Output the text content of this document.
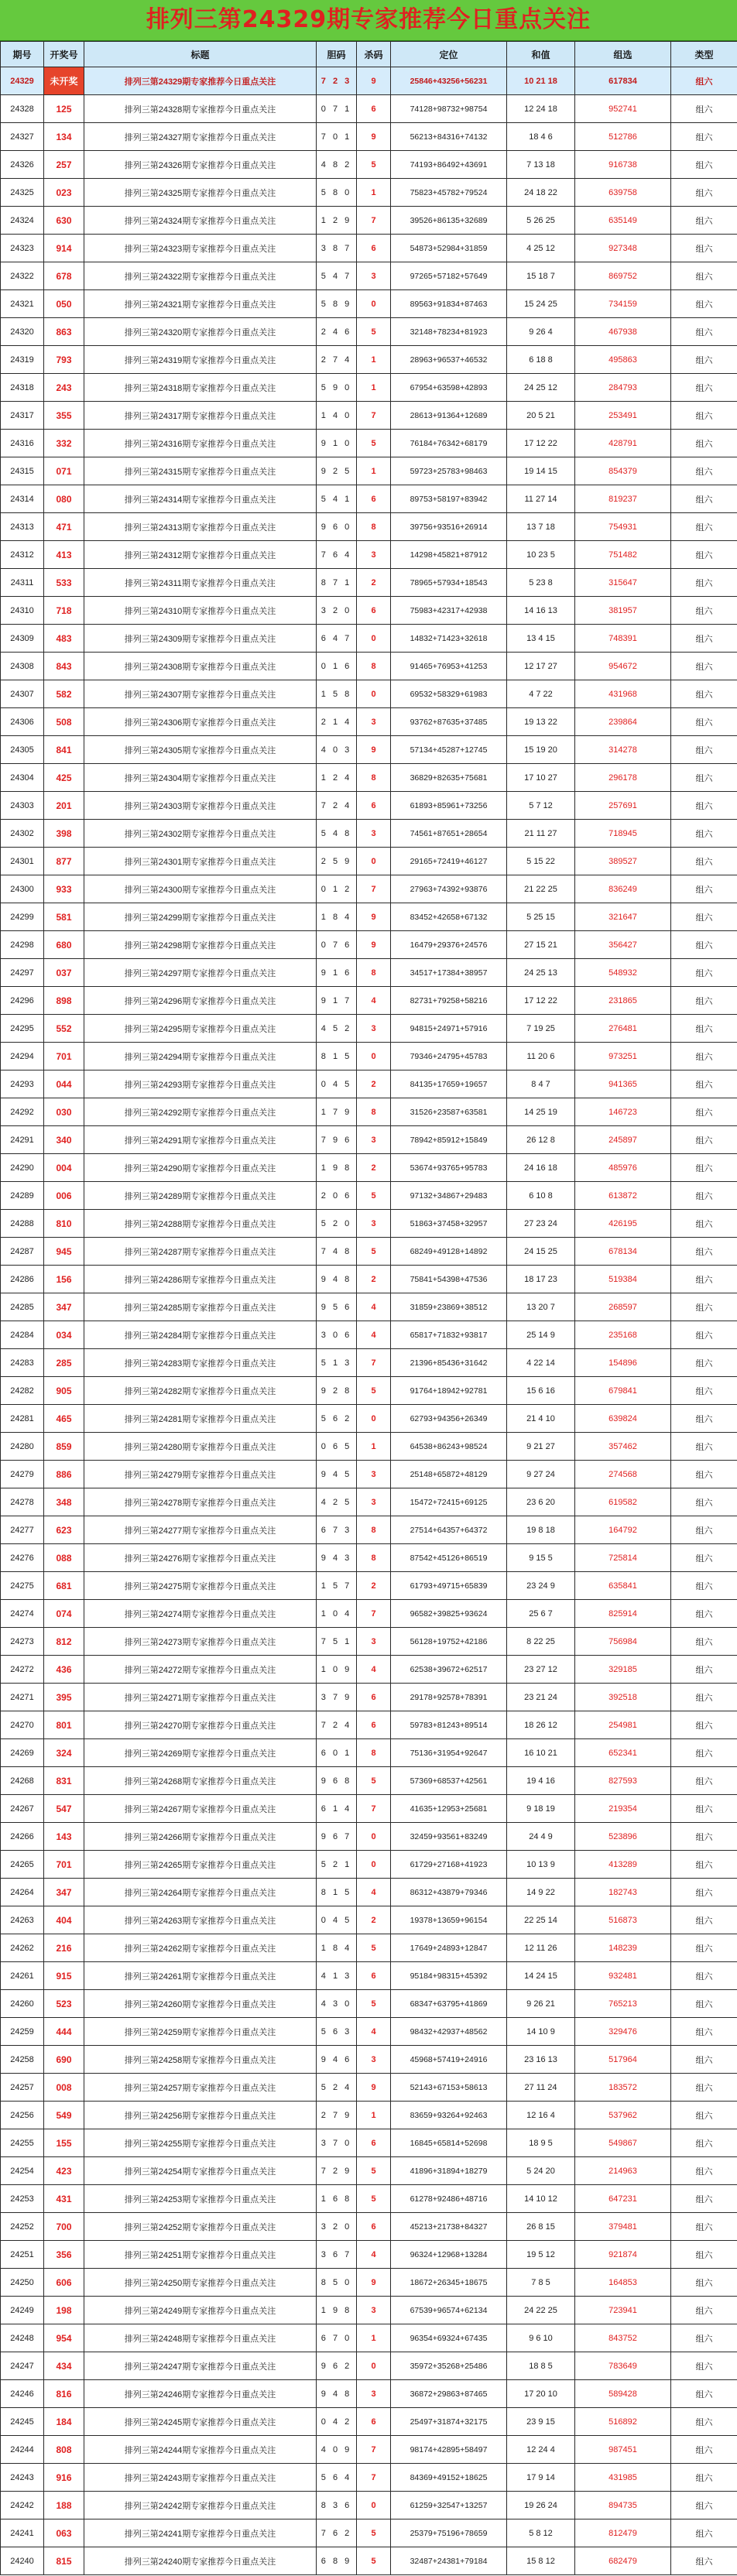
排列三第24329期专家推荐今日重点关注
期号	开奖号	标题	胆码	杀码	定位	和值	组选	类型
24329	未开奖	排列三第24329期专家推荐今日重点关注	7 2 3	9	25846+43256+56231	10 21 18	617834	组六
24328	125	排列三第24328期专家推荐今日重点关注	0 7 1	6	74128+98732+98754	12 24 18	952741	组六
24327	134	排列三第24327期专家推荐今日重点关注	7 0 1	9	56213+84316+74132	18 4 6	512786	组六
24326	257	排列三第24326期专家推荐今日重点关注	4 8 2	5	74193+86492+43691	7 13 18	916738	组六
24325	023	排列三第24325期专家推荐今日重点关注	5 8 0	1	75823+45782+79524	24 18 22	639758	组六
24324	630	排列三第24324期专家推荐今日重点关注	1 2 9	7	39526+86135+32689	5 26 25	635149	组六
24323	914	排列三第24323期专家推荐今日重点关注	3 8 7	6	54873+52984+31859	4 25 12	927348	组六
24322	678	排列三第24322期专家推荐今日重点关注	5 4 7	3	97265+57182+57649	15 18 7	869752	组六
24321	050	排列三第24321期专家推荐今日重点关注	5 8 9	0	89563+91834+87463	15 24 25	734159	组六
24320	863	排列三第24320期专家推荐今日重点关注	2 4 6	5	32148+78234+81923	9 26 4	467938	组六
24319	793	排列三第24319期专家推荐今日重点关注	2 7 4	1	28963+96537+46532	6 18 8	495863	组六
24318	243	排列三第24318期专家推荐今日重点关注	5 9 0	1	67954+63598+42893	24 25 12	284793	组六
24317	355	排列三第24317期专家推荐今日重点关注	1 4 0	7	28613+91364+12689	20 5 21	253491	组六
24316	332	排列三第24316期专家推荐今日重点关注	9 1 0	5	76184+76342+68179	17 12 22	428791	组六
24315	071	排列三第24315期专家推荐今日重点关注	9 2 5	1	59723+25783+98463	19 14 15	854379	组六
24314	080	排列三第24314期专家推荐今日重点关注	5 4 1	6	89753+58197+83942	11 27 14	819237	组六
24313	471	排列三第24313期专家推荐今日重点关注	9 6 0	8	39756+93516+26914	13 7 18	754931	组六
24312	413	排列三第24312期专家推荐今日重点关注	7 6 4	3	14298+45821+87912	10 23 5	751482	组六
24311	533	排列三第24311期专家推荐今日重点关注	8 7 1	2	78965+57934+18543	5 23 8	315647	组六
24310	718	排列三第24310期专家推荐今日重点关注	3 2 0	6	75983+42317+42938	14 16 13	381957	组六
24309	483	排列三第24309期专家推荐今日重点关注	6 4 7	0	14832+71423+32618	13 4 15	748391	组六
24308	843	排列三第24308期专家推荐今日重点关注	0 1 6	8	91465+76953+41253	12 17 27	954672	组六
24307	582	排列三第24307期专家推荐今日重点关注	1 5 8	0	69532+58329+61983	4 7 22	431968	组六
24306	508	排列三第24306期专家推荐今日重点关注	2 1 4	3	93762+87635+37485	19 13 22	239864	组六
24305	841	排列三第24305期专家推荐今日重点关注	4 0 3	9	57134+45287+12745	15 19 20	314278	组六
24304	425	排列三第24304期专家推荐今日重点关注	1 2 4	8	36829+82635+75681	17 10 27	296178	组六
24303	201	排列三第24303期专家推荐今日重点关注	7 2 4	6	61893+85961+73256	5 7 12	257691	组六
24302	398	排列三第24302期专家推荐今日重点关注	5 4 8	3	74561+87651+28654	21 11 27	718945	组六
24301	877	排列三第24301期专家推荐今日重点关注	2 5 9	0	29165+72419+46127	5 15 22	389527	组六
24300	933	排列三第24300期专家推荐今日重点关注	0 1 2	7	27963+74392+93876	21 22 25	836249	组六
24299	581	排列三第24299期专家推荐今日重点关注	1 8 4	9	83452+42658+67132	5 25 15	321647	组六
24298	680	排列三第24298期专家推荐今日重点关注	0 7 6	9	16479+29376+24576	27 15 21	356427	组六
24297	037	排列三第24297期专家推荐今日重点关注	9 1 6	8	34517+17384+38957	24 25 13	548932	组六
24296	898	排列三第24296期专家推荐今日重点关注	9 1 7	4	82731+79258+58216	17 12 22	231865	组六
24295	552	排列三第24295期专家推荐今日重点关注	4 5 2	3	94815+24971+57916	7 19 25	276481	组六
24294	701	排列三第24294期专家推荐今日重点关注	8 1 5	0	79346+24795+45783	11 20 6	973251	组六
24293	044	排列三第24293期专家推荐今日重点关注	0 4 5	2	84135+17659+19657	8 4 7	941365	组六
24292	030	排列三第24292期专家推荐今日重点关注	1 7 9	8	31526+23587+63581	14 25 19	146723	组六
24291	340	排列三第24291期专家推荐今日重点关注	7 9 6	3	78942+85912+15849	26 12 8	245897	组六
24290	004	排列三第24290期专家推荐今日重点关注	1 9 8	2	53674+93765+95783	24 16 18	485976	组六
24289	006	排列三第24289期专家推荐今日重点关注	2 0 6	5	97132+34867+29483	6 10 8	613872	组六
24288	810	排列三第24288期专家推荐今日重点关注	5 2 0	3	51863+37458+32957	27 23 24	426195	组六
24287	945	排列三第24287期专家推荐今日重点关注	7 4 8	5	68249+49128+14892	24 15 25	678134	组六
24286	156	排列三第24286期专家推荐今日重点关注	9 4 8	2	75841+54398+47536	18 17 23	519384	组六
24285	347	排列三第24285期专家推荐今日重点关注	9 5 6	4	31859+23869+38512	13 20 7	268597	组六
24284	034	排列三第24284期专家推荐今日重点关注	3 0 6	4	65817+71832+93817	25 14 9	235168	组六
24283	285	排列三第24283期专家推荐今日重点关注	5 1 3	7	21396+85436+31642	4 22 14	154896	组六
24282	905	排列三第24282期专家推荐今日重点关注	9 2 8	5	91764+18942+92781	15 6 16	679841	组六
24281	465	排列三第24281期专家推荐今日重点关注	5 6 2	0	62793+94356+26349	21 4 10	639824	组六
24280	859	排列三第24280期专家推荐今日重点关注	0 6 5	1	64538+86243+98524	9 21 27	357462	组六
24279	886	排列三第24279期专家推荐今日重点关注	9 4 5	3	25148+65872+48129	9 27 24	274568	组六
24278	348	排列三第24278期专家推荐今日重点关注	4 2 5	3	15472+72415+69125	23 6 20	619582	组六
24277	623	排列三第24277期专家推荐今日重点关注	6 7 3	8	27514+64357+64372	19 8 18	164792	组六
24276	088	排列三第24276期专家推荐今日重点关注	9 4 3	8	87542+45126+86519	9 15 5	725814	组六
24275	681	排列三第24275期专家推荐今日重点关注	1 5 7	2	61793+49715+65839	23 24 9	635841	组六
24274	074	排列三第24274期专家推荐今日重点关注	1 0 4	7	96582+39825+93624	25 6 7	825914	组六
24273	812	排列三第24273期专家推荐今日重点关注	7 5 1	3	56128+19752+42186	8 22 25	756984	组六
24272	436	排列三第24272期专家推荐今日重点关注	1 0 9	4	62538+39672+62517	23 27 12	329185	组六
24271	395	排列三第24271期专家推荐今日重点关注	3 7 9	6	29178+92578+78391	23 21 24	392518	组六
24270	801	排列三第24270期专家推荐今日重点关注	7 2 4	6	59783+81243+89514	18 26 12	254981	组六
24269	324	排列三第24269期专家推荐今日重点关注	6 0 1	8	75136+31954+92647	16 10 21	652341	组六
24268	831	排列三第24268期专家推荐今日重点关注	9 6 8	5	57369+68537+42561	19 4 16	827593	组六
24267	547	排列三第24267期专家推荐今日重点关注	6 1 4	7	41635+12953+25681	9 18 19	219354	组六
24266	143	排列三第24266期专家推荐今日重点关注	9 6 7	0	32459+93561+83249	24 4 9	523896	组六
24265	701	排列三第24265期专家推荐今日重点关注	5 2 1	0	61729+27168+41923	10 13 9	413289	组六
24264	347	排列三第24264期专家推荐今日重点关注	8 1 5	4	86312+43879+79346	14 9 22	182743	组六
24263	404	排列三第24263期专家推荐今日重点关注	0 4 5	2	19378+13659+96154	22 25 14	516873	组六
24262	216	排列三第24262期专家推荐今日重点关注	1 8 4	5	17649+24893+12847	12 11 26	148239	组六
24261	915	排列三第24261期专家推荐今日重点关注	4 1 3	6	95184+98315+45392	14 24 15	932481	组六
24260	523	排列三第24260期专家推荐今日重点关注	4 3 0	5	68347+63795+41869	9 26 21	765213	组六
24259	444	排列三第24259期专家推荐今日重点关注	5 6 3	4	98432+42937+48562	14 10 9	329476	组六
24258	690	排列三第24258期专家推荐今日重点关注	9 4 6	3	45968+57419+24916	23 16 13	517964	组六
24257	008	排列三第24257期专家推荐今日重点关注	5 2 4	9	52143+67153+58613	27 11 24	183572	组六
24256	549	排列三第24256期专家推荐今日重点关注	2 7 9	1	83659+93264+92463	12 16 4	537962	组六
24255	155	排列三第24255期专家推荐今日重点关注	3 7 0	6	16845+65814+52698	18 9 5	549867	组六
24254	423	排列三第24254期专家推荐今日重点关注	7 2 9	5	41896+31894+18279	5 24 20	214963	组六
24253	431	排列三第24253期专家推荐今日重点关注	1 6 8	5	61278+92486+48716	14 10 12	647231	组六
24252	700	排列三第24252期专家推荐今日重点关注	3 2 0	6	45213+21738+84327	26 8 15	379481	组六
24251	356	排列三第24251期专家推荐今日重点关注	3 6 7	4	96324+12968+13284	19 5 12	921874	组六
24250	606	排列三第24250期专家推荐今日重点关注	8 5 0	9	18672+26345+18675	7 8 5	164853	组六
24249	198	排列三第24249期专家推荐今日重点关注	1 9 8	3	67539+96574+62134	24 22 25	723941	组六
24248	954	排列三第24248期专家推荐今日重点关注	6 7 0	1	96354+69324+67435	9 6 10	843752	组六
24247	434	排列三第24247期专家推荐今日重点关注	9 6 2	0	35972+35268+25486	18 8 5	783649	组六
24246	816	排列三第24246期专家推荐今日重点关注	9 4 8	3	36872+29863+87465	17 20 10	589428	组六
24245	184	排列三第24245期专家推荐今日重点关注	0 4 2	6	25497+31874+32175	23 9 15	516892	组六
24244	808	排列三第24244期专家推荐今日重点关注	4 0 9	7	98174+42895+58497	12 24 4	987451	组六
24243	916	排列三第24243期专家推荐今日重点关注	5 6 4	7	84369+49152+18625	17 9 14	431985	组六
24242	188	排列三第24242期专家推荐今日重点关注	8 3 6	0	61259+32547+13257	19 26 24	894735	组六
24241	063	排列三第24241期专家推荐今日重点关注	7 6 2	5	25379+75196+78659	5 8 12	812479	组六
24240	815	排列三第24240期专家推荐今日重点关注	6 8 9	5	32487+24381+79184	15 8 12	682479	组六
